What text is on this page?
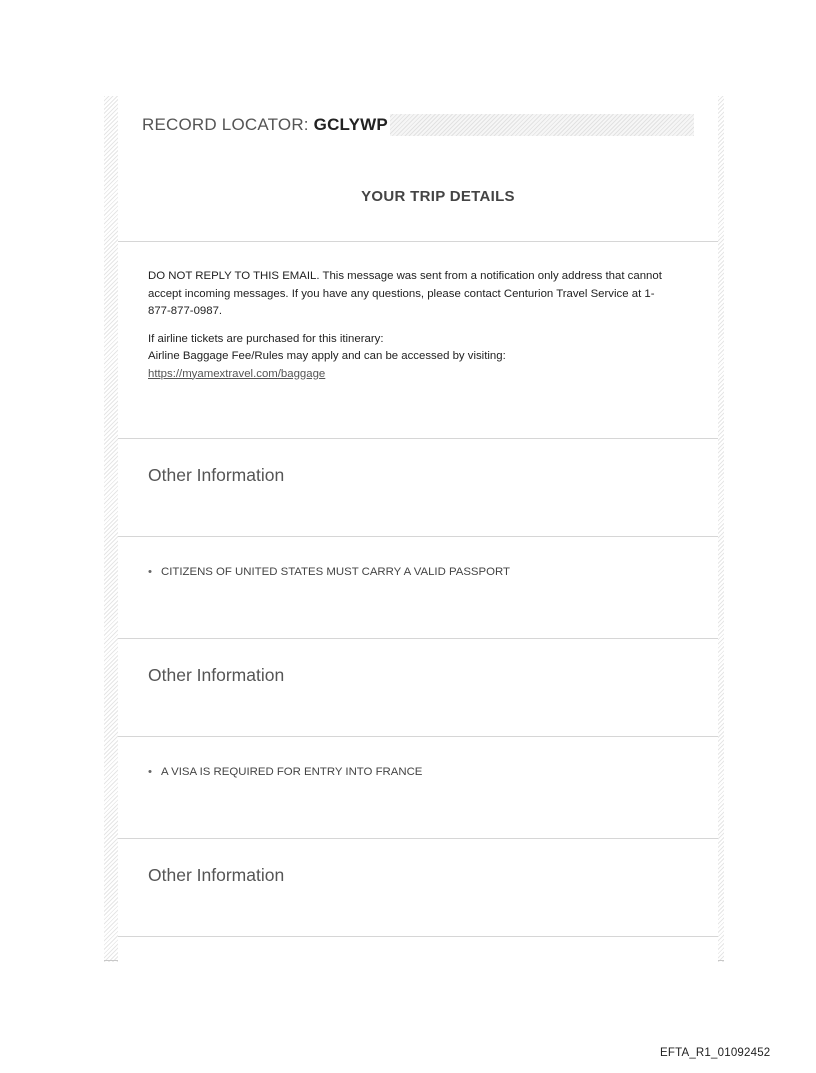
RECORD LOCATOR: GCLYWP
YOUR TRIP DETAILS

DO NOT REPLY TO THIS EMAIL. This message was sent from a notification only address that cannot accept incoming messages. If you have any questions, please contact Centurion Travel Service at 1-877-877-0987.

If airline tickets are purchased for this itinerary:

Airline Baggage Fee/Rules may apply and can be accessed by visiting:

https://myamextravel.com/baggage

Other Information
• CITIZENS OF UNITED STATES MUST CARRY A VALID PASSPORT
Other Information
• A VISA IS REQUIRED FOR ENTRY INTO FRANCE
Other Information
EFTA_R1_01092452
